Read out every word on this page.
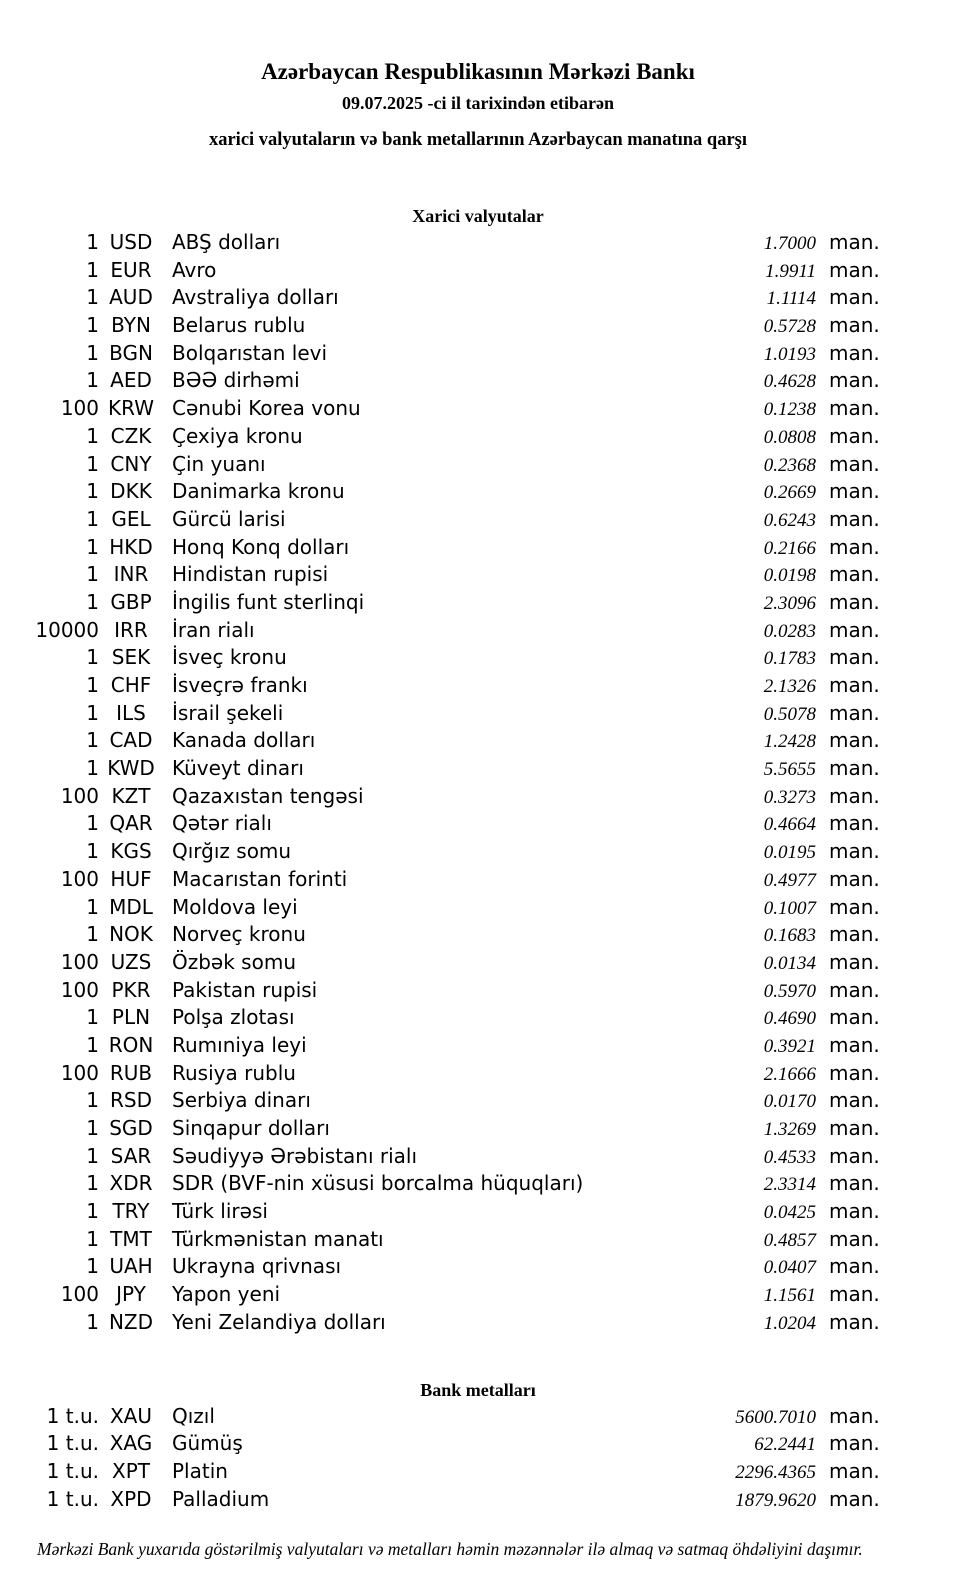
Azərbaycan Respublikasının Mərkəzi Bankı
09.07.2025 -ci il tarixindən etibarən
xarici valyutaların və bank metallarının Azərbaycan manatına qarşı
Xarici valyutalar
1 USD ABŞ dolları	1.7000 man.
1 EUR	Avro	1.9911 man.
1 AUD Avstraliya dolları	1.1114 man.
1 BYN	Belarus rublu	0.5728 man.
1 BGN Bolqarıstan levi	1.0193 man.
1 AED	BƏƏ dirhəmi	0.4628 man.
100 KRW Cənubi Korea vonu	0.1238 man.
1 CZK	Çexiya kronu	0.0808 man.
1 CNY	Çin yuanı	0.2368 man.
1 DKK	Danimarka kronu	0.2669 man.
1 GEL	Gürcü larisi	0.6243 man.
1 HKD Honq Konq dolları	0.2166 man.
1 INR	Hindistan rupisi	0.0198 man.
1 GBP	İngilis funt sterlinqi	2.3096 man.
10000 IRR	İran rialı	0.0283 man.
1 SEK	İsveç kronu	0.1783 man.
1 CHF	İsveçrə frankı	2.1326 man.
1 ILS	İsrail şekeli	0.5078 man.
1 CAD Kanada dolları	1.2428 man.
1 KWD Küveyt dinarı	5.5655 man.
100 KZT	Qazaxıstan tengəsi	0.3273 man.
1 QAR Qətər rialı	0.4664 man.
1 KGS	Qırğız somu	0.0195 man.
100 HUF	Macarıstan forinti	0.4977 man.
1 MDL Moldova leyi	0.1007 man.
1 NOK Norveç kronu	0.1683 man.
100 UZS	Özbək somu	0.0134 man.
100 PKR	Pakistan rupisi	0.5970 man.
1 PLN	Polşa zlotası	0.4690 man.
1 RON Rumıniya leyi	0.3921 man.
100 RUB Rusiya rublu	2.1666 man.
1 RSD	Serbiya dinarı	0.0170 man.
1 SGD Sinqapur dolları	1.3269 man.
1 SAR	Səudiyyə Ərəbistanı rialı	0.4533 man.
1 XDR SDR (BVF-nin xüsusi borcalma hüquqları)	2.3314 man.
1 TRY	Türk lirəsi	0.0425 man.
1 TMT	Türkmənistan manatı	0.4857 man.
1 UAH Ukrayna qrivnası	0.0407 man.
100 JPY	Yapon yeni	1.1561 man.
1 NZD Yeni Zelandiya dolları	1.0204 man.
Bank metalları
1 t.u. XAU Qızıl	5600.7010 man.
1 t.u. XAG Gümüş	62.2441 man.
1 t.u. XPT	Platin	2296.4365 man.
1 t.u. XPD	Palladium	1879.9620 man.
Mərkəzi Bank yuxarıda göstərilmiş valyutaları və metalları həmin məzənnələr ilə almaq və satmaq öhdəliyini daşımır.
